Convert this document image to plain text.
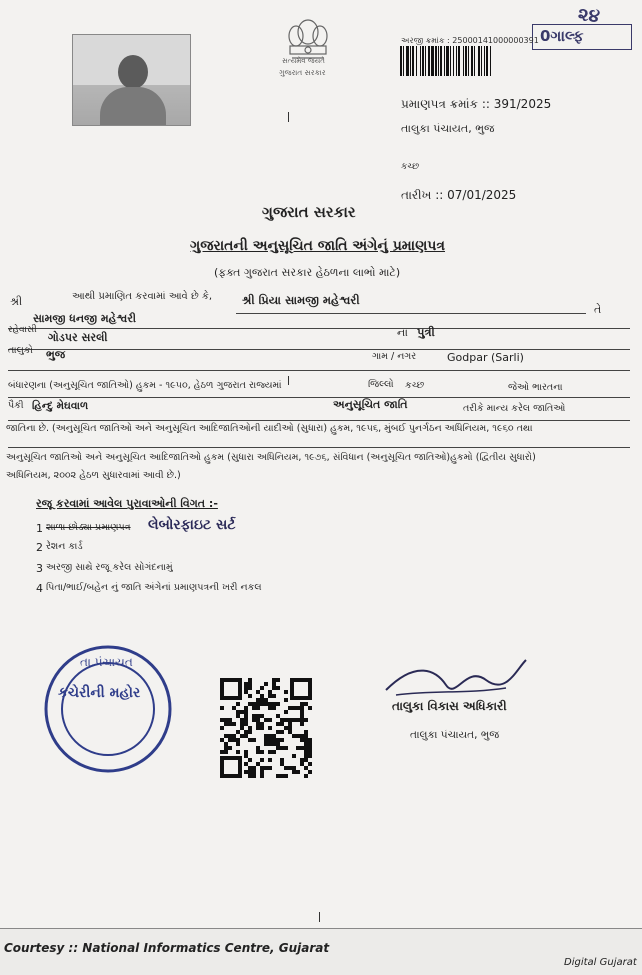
૨૪
0ગાલ્ફ
સત્યમેવ જયતે
ગુજરાત સરકાર
અરજી ક્રમાંક : 25000141000000391
પ્રમાણપત્ર ક્રમાંક :: 391/2025
તાલુકા પંચાયત, ભુજ
કચ્છ
તારીખ :: 07/01/2025
ગુજરાત સરકાર
ગુજરાતની અનુસૂચિત જાતિ અંગેનું પ્રમાણપત્ર
(ફક્ત ગુજરાત સરકાર હેઠળના લાભો માટે)
આથી પ્રમાણિત કરવામાં આવે છે કે,	શ્રી પ્રિયા સામજી મહેશ્વરી
તે
શ્રી
સામજી ધનજી મહેશ્વરી
રહેવાસી
ગોડપર સરલી	ના પુત્રી
તાલુકો ભુજ	ગામ / નગર	Godpar (Sarli)
જિલ્લો કચ્છ	જેઓ ભારતના
બંધારણના (અનુસૂચિત જાતિઓ) હુકમ - ૧૯૫૦, હેઠળ ગુજરાત રાજ્યમાં
અનુસૂચિત જાતિ	તરીકે માન્ય કરેલ જાતિઓ
પૈકી હિન્દુ મેઘવાળ
જાતિના છે. (અનુસૂચિત જાતિઓ અને અનુસૂચિત આદિજાતિઓની યાદીઓ (સુધારા) હુકમ, ૧૯૫૬, મુંબઈ પુનર્ગઠન અધિનિયમ, ૧૯૬૦ તથા
અનુસૂચિત જાતિઓ અને અનુસૂચિત આદિજાતિઓ હુકમ (સુધારા અધિનિયમ, ૧૯૭૬, સંવિધાન (અનુસૂચિત જાતિઓ)હુકમો (દ્વિતીય સુધારો)
અધિનિયમ, ૨૦૦૨ હેઠળ સુધારવામાં આવી છે.)
રજૂ કરવામાં આવેલ પુરાવાઓની વિગત :-
1 શાળા છોડ્યા પ્રમાણપત્ર લેબોરફાઇટ સર્ટ
2 રેશન કાર્ડ
3 અરજી સાથે રજૂ કરેલ સોગંદનામું
4 પિતા/ભાઈ/બહેન નું જાતિ અંગેનાં પ્રમાણપત્રની ખરી નકલ
તા.પંચાયત
કચેરીની મહોર
તાલુકા વિકાસ અધિકારી
તાલુકા પંચાયત, ભુજ
Courtesy :: National Informatics Centre, Gujarat
Digital Gujarat
